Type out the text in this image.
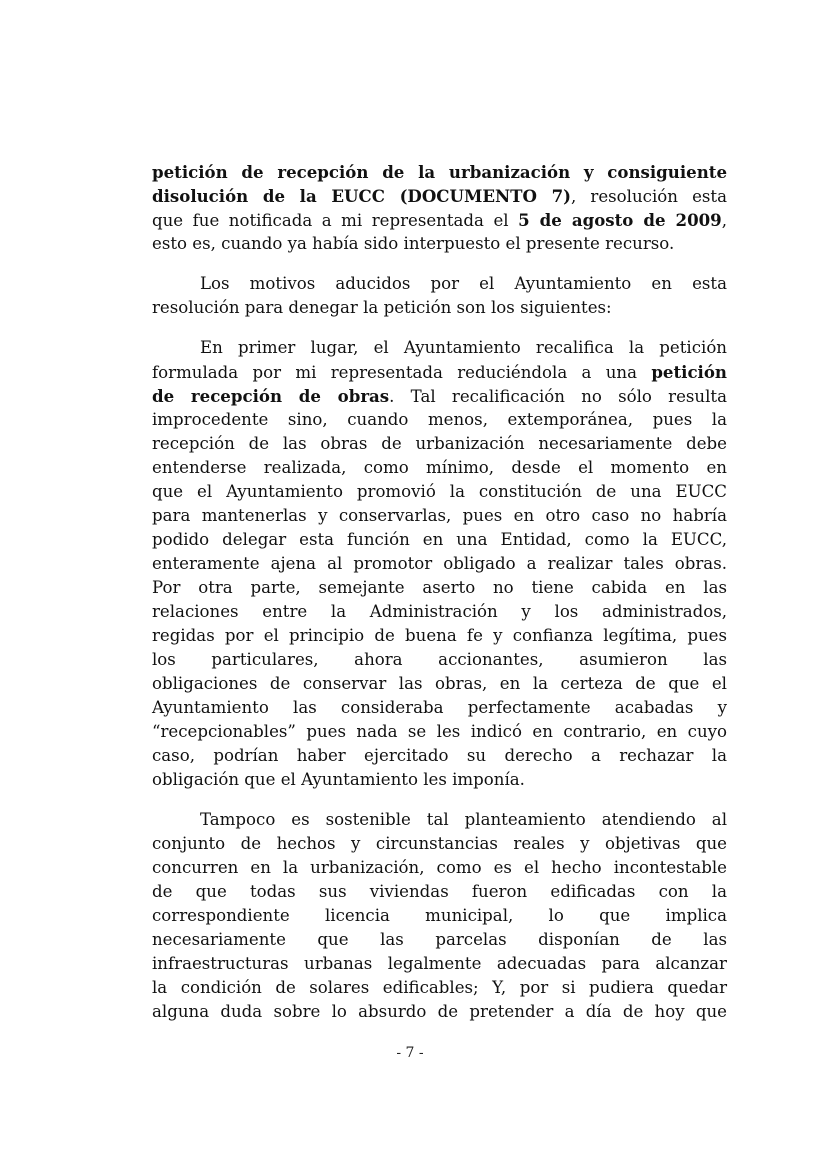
petición de recepción de la urbanización y consiguiente
disolución de la EUCC (DOCUMENTO 7), resolución esta
que fue notificada a mi representada el 5 de agosto de 2009,
esto es, cuando ya había sido interpuesto el presente recurso.
Los motivos aducidos por el Ayuntamiento en esta
resolución para denegar la petición son los siguientes:
En primer lugar, el Ayuntamiento recalifica la petición
formulada por mi representada reduciéndola a una petición
de recepción de obras. Tal recalificación no sólo resulta
improcedente sino, cuando menos, extemporánea, pues la
recepción de las obras de urbanización necesariamente debe
entenderse realizada, como mínimo, desde el momento en
que el Ayuntamiento promovió la constitución de una EUCC
para mantenerlas y conservarlas, pues en otro caso no habría
podido delegar esta función en una Entidad, como la EUCC,
enteramente ajena al promotor obligado a realizar tales obras.
Por otra parte, semejante aserto no tiene cabida en las
relaciones entre la Administración y los administrados,
regidas por el principio de buena fe y confianza legítima, pues
los particulares, ahora accionantes, asumieron las
obligaciones de conservar las obras, en la certeza de que el
Ayuntamiento las consideraba perfectamente acabadas y
“recepcionables” pues nada se les indicó en contrario, en cuyo
caso, podrían haber ejercitado su derecho a rechazar la
obligación que el Ayuntamiento les imponía.
Tampoco es sostenible tal planteamiento atendiendo al
conjunto de hechos y circunstancias reales y objetivas que
concurren en la urbanización, como es el hecho incontestable
de que todas sus viviendas fueron edificadas con la
correspondiente licencia municipal, lo que implica
necesariamente que las parcelas disponían de las
infraestructuras urbanas legalmente adecuadas para alcanzar
la condición de solares edificables; Y, por si pudiera quedar
alguna duda sobre lo absurdo de pretender a día de hoy que
- 7 -
